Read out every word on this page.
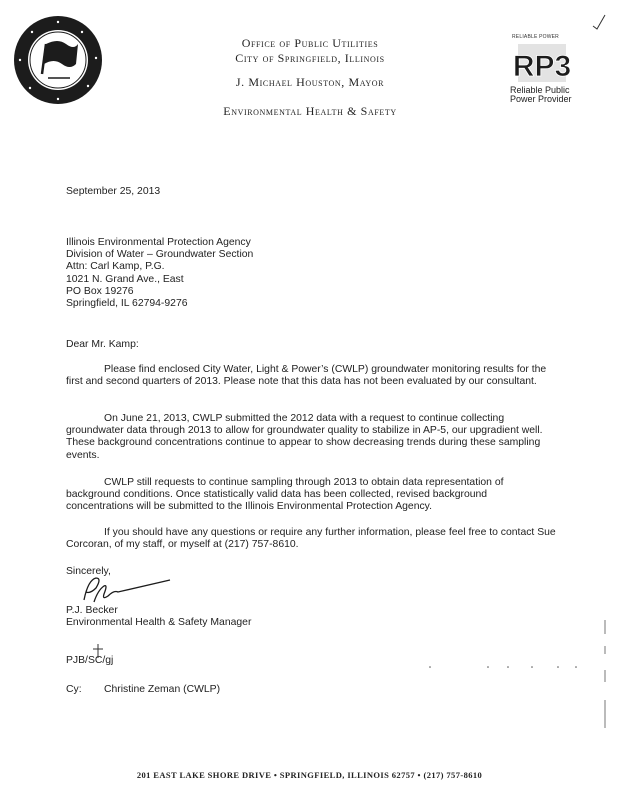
Office of Public Utilities
City of Springfield, Illinois
J. Michael Houston, Mayor
Environmental Health & Safety
RELIABLE POWER
RP3
Reliable Public Power Provider
September 25, 2013
Illinois Environmental Protection Agency
Division of Water – Groundwater Section
Attn: Carl Kamp, P.G.
1021 N. Grand Ave., East
PO Box 19276
Springfield, IL 62794-9276
Dear Mr. Kamp:
Please find enclosed City Water, Light & Power’s (CWLP) groundwater monitoring results for the first and second quarters of 2013. Please note that this data has not been evaluated by our consultant.
On June 21, 2013, CWLP submitted the 2012 data with a request to continue collecting groundwater data through 2013 to allow for groundwater quality to stabilize in AP-5, our upgradient well. These background concentrations continue to appear to show decreasing trends during these sampling events.
CWLP still requests to continue sampling through 2013 to obtain data representation of background conditions. Once statistically valid data has been collected, revised background concentrations will be submitted to the Illinois Environmental Protection Agency.
If you should have any questions or require any further information, please feel free to contact Sue Corcoran, of my staff, or myself at (217) 757-8610.
Sincerely,
P.J. Becker
Environmental Health & Safety Manager
PJB/SC/gj
Cy:	Christine Zeman (CWLP)
201 EAST LAKE SHORE DRIVE • SPRINGFIELD, ILLINOIS 62757 • (217) 757-8610
